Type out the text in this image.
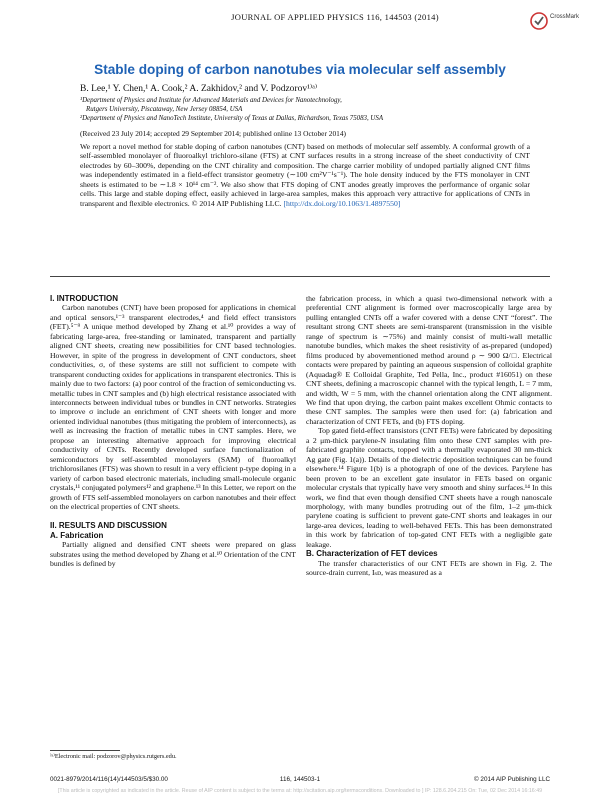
JOURNAL OF APPLIED PHYSICS 116, 144503 (2014)	CrossMark
Stable doping of carbon nanotubes via molecular self assembly
B. Lee,¹ Y. Chen,¹ A. Cook,² A. Zakhidov,² and V. Podzorov¹⁾ᵃ⁾
¹Department of Physics and Institute for Advanced Materials and Devices for Nanotechnology,
Rutgers University, Piscataway, New Jersey 08854, USA
²Department of Physics and NanoTech Institute, University of Texas at Dallas, Richardson, Texas 75083, USA
(Received 23 July 2014; accepted 29 September 2014; published online 13 October 2014)
We report a novel method for stable doping of carbon nanotubes (CNT) based on methods of molecular self assembly. A conformal growth of a self-assembled monolayer of fluoroalkyl trichloro-silane (FTS) at CNT surfaces results in a strong increase of the sheet conductivity of CNT electrodes by 60–300%, depending on the CNT chirality and composition. The charge carrier mobility of undoped partially aligned CNT films was independently estimated in a field-effect transistor geometry (∼100 cm²V⁻¹s⁻¹). The hole density induced by the FTS monolayer in CNT sheets is estimated to be ∼1.8 × 10¹⁴ cm⁻². We also show that FTS doping of CNT anodes greatly improves the performance of organic solar cells. This large and stable doping effect, easily achieved in large-area samples, makes this approach very attractive for applications of CNTs in transparent and flexible electronics. © 2014 AIP Publishing LLC. [http://dx.doi.org/10.1063/1.4897550]

I. INTRODUCTION

Carbon nanotubes (CNT) have been proposed for applications in chemical and optical sensors,¹⁻³ transparent electrodes,⁴ and field effect transistors (FET).⁵⁻⁹ A unique method developed by Zhang et al.¹⁰ provides a way of fabricating large-area, free-standing or laminated, transparent and partially aligned CNT sheets, creating new possibilities for CNT based technologies. However, in spite of the progress in development of CNT conductors, sheet conductivities, σ, of these systems are still not sufficient to compete with transparent conducting oxides for applications in transparent electronics. This is mainly due to two factors: (a) poor control of the fraction of semiconducting vs. metallic tubes in CNT samples and (b) high electrical resistance associated with interconnects between individual tubes or bundles in CNT networks. Strategies to improve σ include an enrichment of CNT sheets with longer and more oriented individual nanotubes (thus mitigating the problem of interconnects), as well as increasing the fraction of metallic tubes in CNT samples. Here, we propose an interesting alternative approach for improving electrical conductivity of CNTs. Recently developed surface functionalization of semiconductors by self-assembled monolayers (SAM) of fluoroalkyl trichlorosilanes (FTS) was shown to result in a very efficient p-type doping in a variety of carbon based electronic materials, including small-molecule organic crystals,¹¹ conjugated polymers¹² and graphene.¹³ In this Letter, we report on the growth of FTS self-assembled monolayers on carbon nanotubes and their effect on the electrical properties of CNT sheets.

II. RESULTS AND DISCUSSION

A. Fabrication

Partially aligned and densified CNT sheets were prepared on glass substrates using the method developed by Zhang et al.¹⁰ Orientation of the CNT bundles is defined by

the fabrication process, in which a quasi two-dimensional network with a preferential CNT alignment is formed over macroscopically large area by pulling entangled CNTs off a wafer covered with a dense CNT “forest”. The resultant strong CNT sheets are semi-transparent (transmission in the visible range of spectrum is ∼75%) and mainly consist of multi-wall metallic nanotube bundles, which makes the sheet resistivity of as-prepared (undoped) films produced by abovementioned method around ρ ∼ 900 Ω/□. Electrical contacts were prepared by painting an aqueous suspension of colloidal graphite (Aquadag® E Colloidal Graphite, Ted Pella, Inc., product #16051) on these CNT sheets, defining a macroscopic channel with the typical length, L = 7 mm, and width, W = 5 mm, with the channel orientation along the CNT alignment. We find that upon drying, the carbon paint makes excellent Ohmic contacts to these CNT samples. The samples were then used for: (a) fabrication and characterization of CNT FETs, and (b) FTS doping.

Top gated field-effect transistors (CNT FETs) were fabricated by depositing a 2 μm-thick parylene-N insulating film onto these CNT samples with pre-fabricated graphite contacts, topped with a thermally evaporated 30 nm-thick Ag gate (Fig. 1(a)). Details of the dielectric deposition techniques can be found elsewhere.¹⁴ Figure 1(b) is a photograph of one of the devices. Parylene has been proven to be an excellent gate insulator in FETs based on organic molecular crystals that typically have very smooth and shiny surfaces.¹⁴ In this work, we find that even though densified CNT sheets have a rough nanoscale morphology, with many bundles protruding out of the film, 1–2 μm-thick parylene coating is sufficient to prevent gate-CNT shorts and leakages in our large-area devices, leading to well-behaved FETs. This has been demonstrated in this work by fabrication of top-gated CNT FETs with a negligible gate leakage.

B. Characterization of FET devices

The transfer characteristics of our CNT FETs are shown in Fig. 2. The source-drain current, Iₛᴅ, was measured as a

⁾ᵃ⁾Electronic mail: podzorov@physics.rutgers.edu.
0021-8979/2014/116(14)/144503/5/$30.00	116, 144503-1	© 2014 AIP Publishing LLC
[This article is copyrighted as indicated in the article. Reuse of AIP content is subject to the terms at: http://scitation.aip.org/termsconditions. Downloaded to ] IP: 128.6.204.215 On: Tue, 02 Dec 2014 16:16:49
